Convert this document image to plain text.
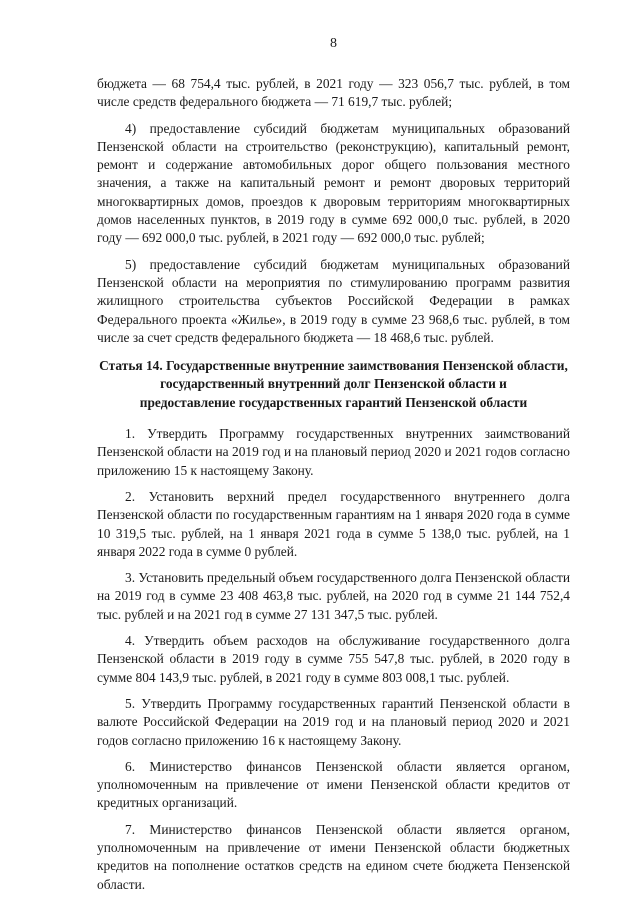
8

бюджета — 68 754,4 тыс. рублей, в 2021 году — 323 056,7 тыс. рублей, в том числе средств федерального бюджета — 71 619,7 тыс. рублей;

4) предоставление субсидий бюджетам муниципальных образований Пензенской области на строительство (реконструкцию), капитальный ремонт, ремонт и содержание автомобильных дорог общего пользования местного значения, а также на капитальный ремонт и ремонт дворовых территорий многоквартирных домов, проездов к дворовым территориям многоквартирных домов населенных пунктов, в 2019 году в сумме 692 000,0 тыс. рублей, в 2020 году — 692 000,0 тыс. рублей, в 2021 году — 692 000,0 тыс. рублей;

5) предоставление субсидий бюджетам муниципальных образований Пензенской области на мероприятия по стимулированию программ развития жилищного строительства субъектов Российской Федерации в рамках Федерального проекта «Жилье», в 2019 году в сумме 23 968,6 тыс. рублей, в том числе за счет средств федерального бюджета — 18 468,6 тыс. рублей.

Статья 14. Государственные внутренние заимствования Пензенской области,
государственный внутренний долг Пензенской области и
предоставление государственных гарантий Пензенской области

1. Утвердить Программу государственных внутренних заимствований Пензенской области на 2019 год и на плановый период 2020 и 2021 годов согласно приложению 15 к настоящему Закону.

2. Установить верхний предел государственного внутреннего долга Пензенской области по государственным гарантиям на 1 января 2020 года в сумме 10 319,5 тыс. рублей, на 1 января 2021 года в сумме 5 138,0 тыс. рублей, на 1 января 2022 года в сумме 0 рублей.

3. Установить предельный объем государственного долга Пензенской области на 2019 год в сумме 23 408 463,8 тыс. рублей, на 2020 год в сумме 21 144 752,4 тыс. рублей и на 2021 год в сумме 27 131 347,5 тыс. рублей.

4. Утвердить объем расходов на обслуживание государственного долга Пензенской области в 2019 году в сумме 755 547,8 тыс. рублей, в 2020 году в сумме 804 143,9 тыс. рублей, в 2021 году в сумме 803 008,1 тыс. рублей.

5. Утвердить Программу государственных гарантий Пензенской области в валюте Российской Федерации на 2019 год и на плановый период 2020 и 2021 годов согласно приложению 16 к настоящему Закону.

6. Министерство финансов Пензенской области является органом, уполномоченным на привлечение от имени Пензенской области кредитов от кредитных организаций.

7. Министерство финансов Пензенской области является органом, уполномоченным на привлечение от имени Пензенской области бюджетных кредитов на пополнение остатков средств на едином счете бюджета Пензенской области.
